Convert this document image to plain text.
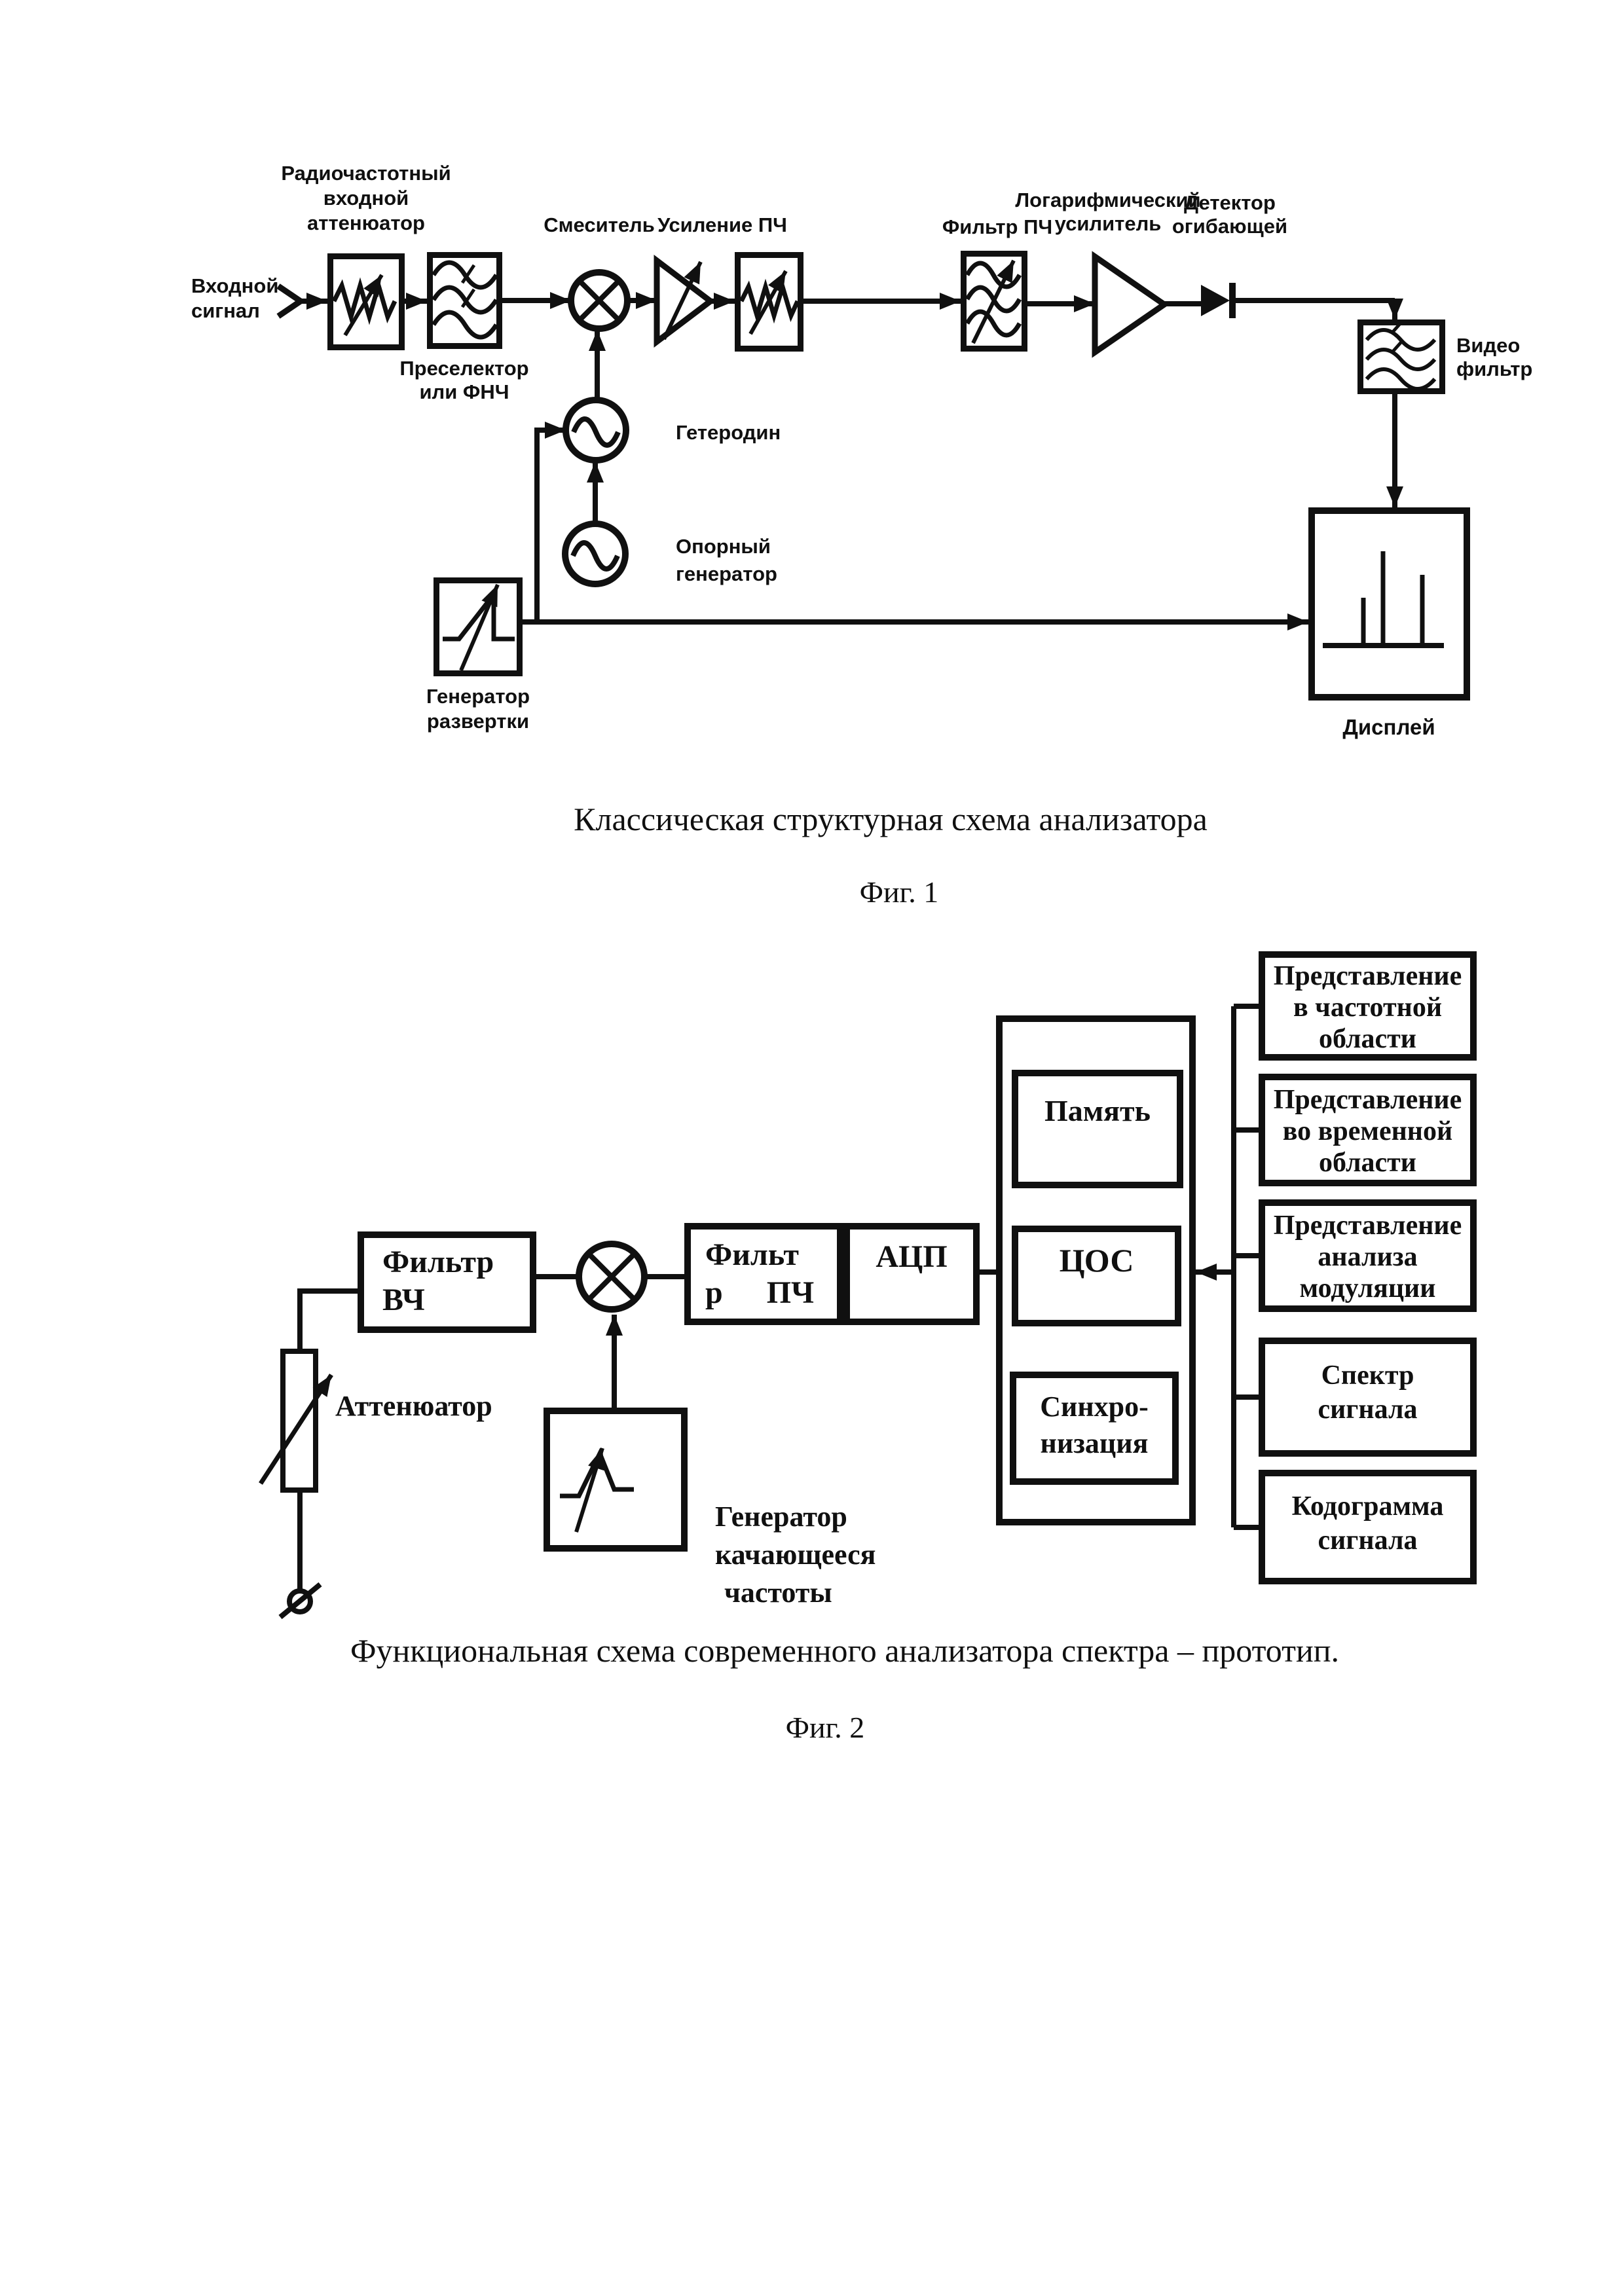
Входной
сигнал
Радиочастотный
входной
аттенюатор
Преселектор
или ФНЧ
Смеситель Усиление ПЧ	Фильтр ПЧ
Логарифмический
усилитель
Детектор
огибающей
Видео
фильтр
Гетеродин
Опорный
генератор
Генератор
развертки	Дисплей
Классическая структурная схема анализатора
Фиг. 1
Фильтр
ВЧ
Фильт
р ПЧ
АЦП
Память
ЦОС
Синхро-
низация
Представление
в частотной
области
Представление
во временной
области
Представление
анализа
модуляции
Спектр
сигнала
Кодограмма
сигнала
Аттенюатор
Генератор
качающееся
частоты
Функциональная схема современного анализатора спектра – прототип.
Фиг. 2
